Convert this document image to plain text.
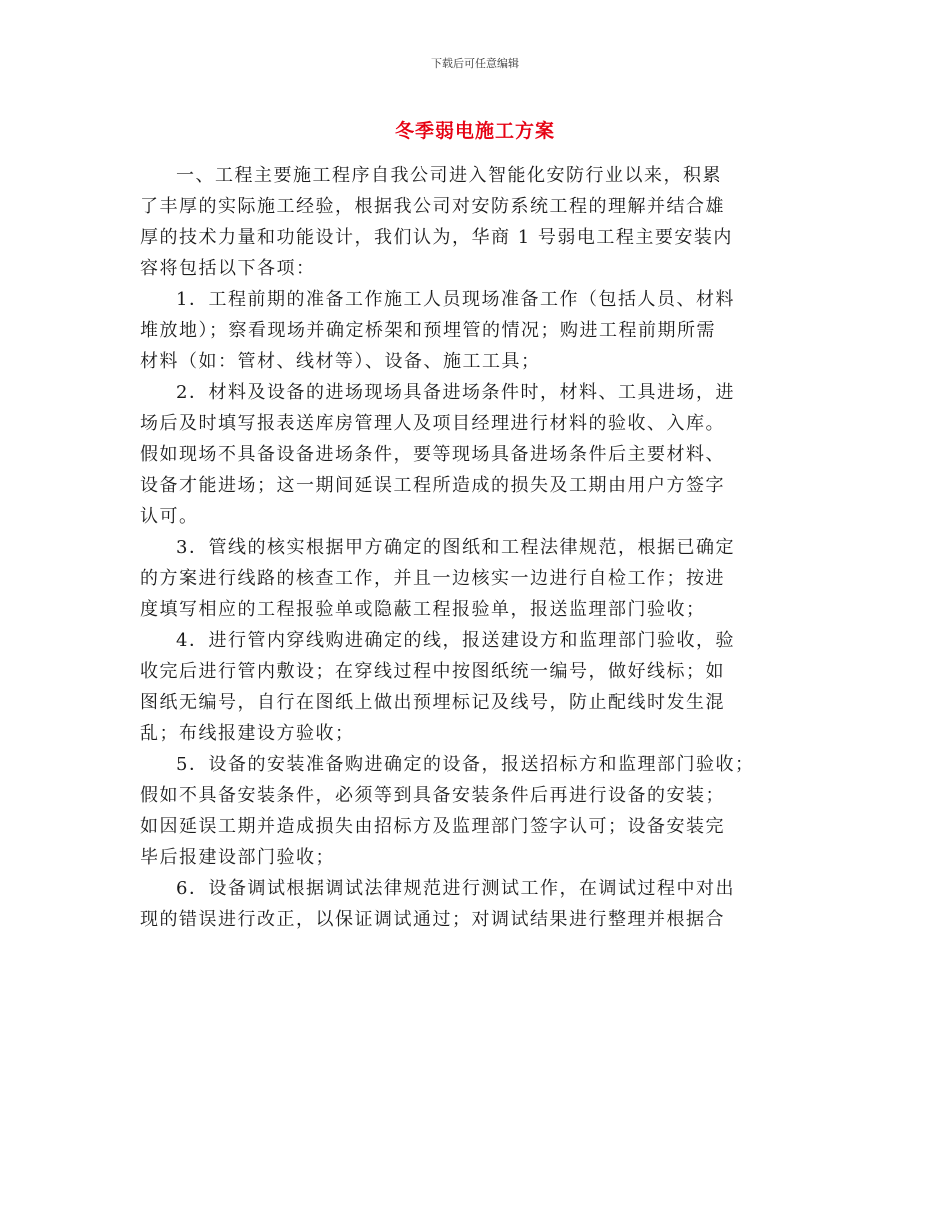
下载后可任意编辑
冬季弱电施工方案

一、工程主要施工程序自我公司进入智能化安防行业以来，积累
了丰厚的实际施工经验，根据我公司对安防系统工程的理解并结合雄
厚的技术力量和功能设计，我们认为，华商 1 号弱电工程主要安装内
容将包括以下各项：

1．工程前期的准备工作施工人员现场准备工作（包括人员、材料
堆放地）；察看现场并确定桥架和预埋管的情况；购进工程前期所需
材料（如：管材、线材等）、设备、施工工具；

2．材料及设备的进场现场具备进场条件时，材料、工具进场，进
场后及时填写报表送库房管理人及项目经理进行材料的验收、入库。
假如现场不具备设备进场条件，要等现场具备进场条件后主要材料、
设备才能进场；这一期间延误工程所造成的损失及工期由用户方签字
认可。

3．管线的核实根据甲方确定的图纸和工程法律规范，根据已确定
的方案进行线路的核查工作，并且一边核实一边进行自检工作；按进
度填写相应的工程报验单或隐蔽工程报验单，报送监理部门验收；

4．进行管内穿线购进确定的线，报送建设方和监理部门验收，验
收完后进行管内敷设；在穿线过程中按图纸统一编号，做好线标；如
图纸无编号，自行在图纸上做出预埋标记及线号，防止配线时发生混
乱；布线报建设方验收；

5．设备的安装准备购进确定的设备，报送招标方和监理部门验收；
假如不具备安装条件，必须等到具备安装条件后再进行设备的安装；
如因延误工期并造成损失由招标方及监理部门签字认可；设备安装完
毕后报建设部门验收；

6．设备调试根据调试法律规范进行测试工作，在调试过程中对出
现的错误进行改正，以保证调试通过；对调试结果进行整理并根据合
